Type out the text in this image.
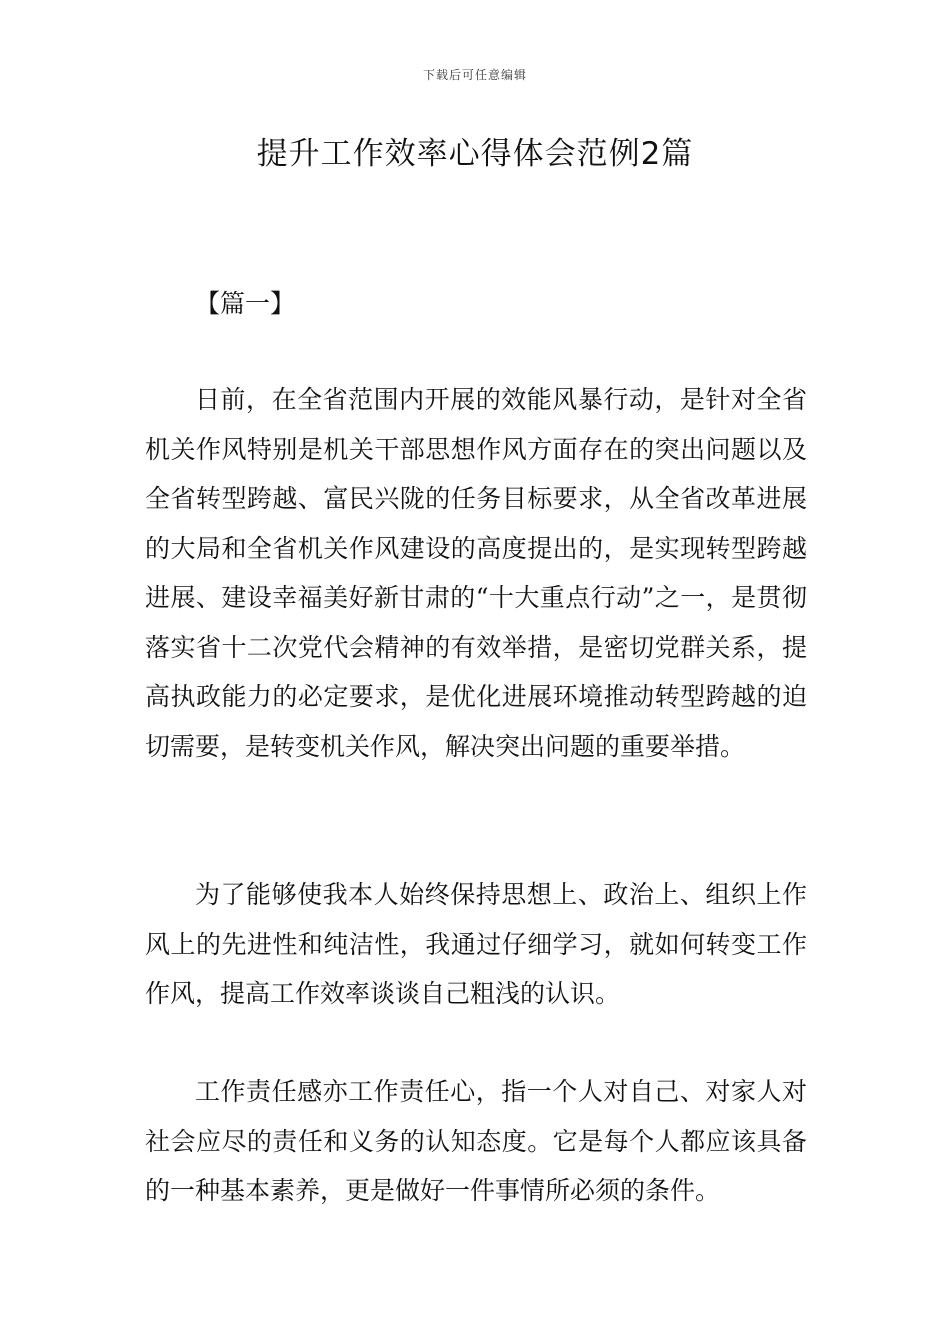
下载后可任意编辑
提升工作效率心得体会范例2篇
【篇一】

日前，在全省范围内开展的效能风暴行动，是针对全省机关作风特别是机关干部思想作风方面存在的突出问题以及全省转型跨越、富民兴陇的任务目标要求，从全省改革进展的大局和全省机关作风建设的高度提出的，是实现转型跨越进展、建设幸福美好新甘肃的“十大重点行动”之一，是贯彻落实省十二次党代会精神的有效举措，是密切党群关系，提高执政能力的必定要求，是优化进展环境推动转型跨越的迫切需要，是转变机关作风，解决突出问题的重要举措。

为了能够使我本人始终保持思想上、政治上、组织上作风上的先进性和纯洁性，我通过仔细学习，就如何转变工作作风，提高工作效率谈谈自己粗浅的认识。

工作责任感亦工作责任心，指一个人对自己、对家人对社会应尽的责任和义务的认知态度。它是每个人都应该具备的一种基本素养，更是做好一件事情所必须的条件。
